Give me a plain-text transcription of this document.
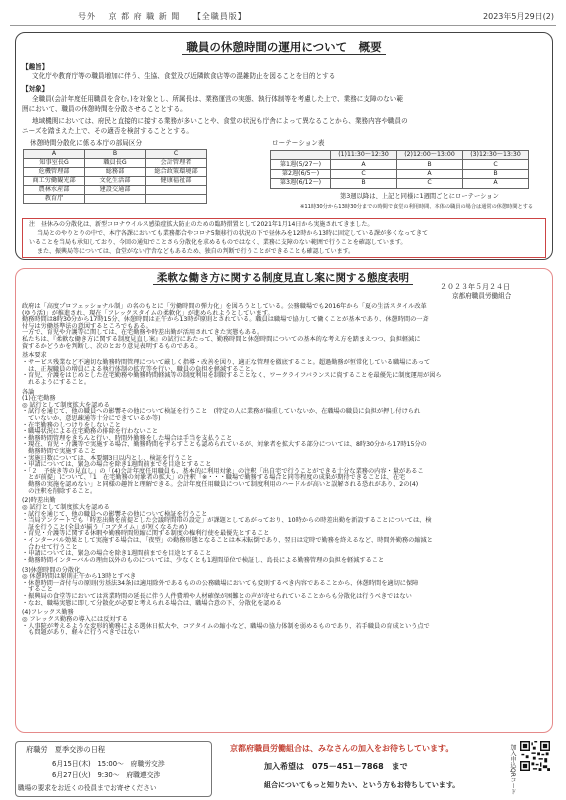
号外 京 都 府 職 新 聞 【全職員版】	2023年5月29日(2)
職員の休憩時間の運用について　概要
【趣旨】
文化庁や教育庁等の職員増加に伴う、生協、食堂及び近隣飲食店等の混雑防止を図ることを目的とする
【対象】
全職員(会計年度任用職員を含む。)を対象とし、所属長は、業務運営の実態、執行体制等を考慮した上で、業務に支障のない範
囲において、職員の休憩時間を分散させることとする。
地域機関においては、府民と直接的に接する業務が多いことや、食堂の状況も庁舎によって異なることから、業務内容や職員の
ニーズを踏まえた上で、その適否を検討することとする。
休憩時間分散化に係る本庁の部局区分
A	B	C
知事室長G	職員長G	会計管理者
危機管理部	総務部	総合政策環境部
商工労働観光部	文化生活部	健康福祉部
農林水産部	建設交通部	
教育庁		
ローテーション表
	(1)11:30～12:30	(2)12:00～13:00	(3)12:30～13:30
第1週(5/27～)	A	B	C
第2週(6/5～)	C	A	B
第3週(6/12～)	B	C	A
第3週以降は、上記と同様に1週間ごとにローテーション
※11時30分から13時30分までの時間で食堂の利用時間、本体の職員の場合は通常の休憩時間とする
注　昼休みの分散化は、新型コロナウイルス感染症拡大防止のための臨時措置として2021年1月14日から実施されてきました。
当局とのやりとりの中で、本庁各課においても業務都合やコロナ5類移行の状況の下で昼休みを12時から13時に固定している課が多くなってきて
いることを当局も承知しており、今回の通知でことさら分散化を求めるものではなく、業務に支障のない範囲で行うことを確認しています。
また、振興局等については、食堂がない庁舎などもあるため、独自の判断で行うことができることも確認しています。
柔軟な働き方に関する制度見直し案に関する態度表明
２０２３年５月２４日
京都府職員労働組合
政府は「高度プロフェッショナル制」の名のもとに「労働時間の弾力化」を図ろうとしている。公務職場でも2016年から「夏の生活スタイル改革
(ゆう活)」が推進され、現在「フレックスタイムの柔軟化」が進められようとしています。
勤務時間は8時30分から17時15分、休憩時間は正午から13時が原則とされている。職員は職場で協力して働くことが基本であり、休憩時間の一斉
付与は労働基準法の意図するところでもある。
一方で、育児や介護等に関しては、在宅勤務や時差出勤が活用されてきた実態もある。
私たちは、『柔軟な働き方に関する制度見直し案』の試行にあたって、勤務時間と休憩時間についての基本的な考え方を踏まえつつ、負担軽減に
資するかどうかを判断し、次のとおり意見表明するものである。
基本要求
・サービス残業など不適切な勤務時間管理について厳しく指導・改善を図り、適正な管理を徹底すること。超過勤務が恒常化している職場にあって
　は、正規職員の増員による執行体制の拡充等を行い、職員の負担を軽減すること。
・育児、介護をはじめとした在宅勤務や勤務時間軽減等の制度利用を制限することなく、ワークライフバランスに資することを最優先に制度運用が図ら
　れるようにすること。
各論
(1)在宅勤務
◎ 試行として制度拡大を認める
・試行を通じて、他の職員への影響その他について検証を行うこと　(特定の人に業務が偏重していないか、在職場の職員に負担が押し付けられ
　ていないか、意思疎通等十分にできているか等)
・在宅勤務のしつけりをしないこと
・職場状況による在宅勤務の排除を行わないこと
・勤務時間管理をきちんと行い、時間外勤務をした場合は手当を支払うこと
・現在、育児・介護等で実施する場合、勤務時間をずらすことも認められているが、対象者を拡大する部分については、8時30分から17時15分の
　勤務時間で実施すること
・実施日数については、本要綱3日以内とし、検証を行うこと
・申請については、緊急の場合を除き1週間前までを目途とすること
・「２　予続き等の見直し」の「(4)会計年度任用職員も、基本的に利用対象」の注釈「出自宅で行うことができる十分な業務の内容・量があるこ
　とが前提」について、「1　在宅勤務の対象者の拡大」の注釈「※・・・職場で勤務する場合と同等程度の成果が期待できることは、在宅
　勤務の実施を認めない」と同様の趣旨と理解できる。会計年度任用職員について制度利用のハードルが高いと誤解される恐れがあり、2の(4)
　の注釈を削除すること。
(2)時差出勤
◎ 試行として制度拡大を認める
・試行を通じて、他の職員への影響その他について検証を行うこと
・当局アンケートでも「時差出勤を前提とした会議時間帯の設定」が課題としてあがっており、10時からの時差出勤を新設することについては、検
　証を行うこと(全員が揃う「コアタイム」が短くなるため)
・育児・介護等に関する休暇や勤務時間短縮に関する制度の権利行使を最優先とすること
・インターバル効果として実施する場合は、「夜型」の勤務形態となることは本末転倒であり、翌日は定時で勤務を終えるなど、時間外勤務の縮減と
　合わせて行うこと
・申請については、緊急の場合を除き1週間前までを目途とすること
・勤務時間インターバルの理由以外のものについては、少なくとも1週間単位で検証し、島長による勤務管理の負担を軽減すること
(3)休憩時間の分散化
◎ 休憩時間は原則正午から13時とすべき
・休憩時間一斉付与の原則(労基法34条)は適用除外であるものの公務職場においても変則するべき内容であることから、休憩時間を適切に保障
　すること
・振興局の食堂等においては営業時間の延長に伴う人件費増や人材確保が困難との声が寄せられていることからも分散化は行うべきではない
・なお、職場実態に即して分散化が必要と考えられる場合は、職場合意の下、分散化を認める
(4)フレックス勤務
◎ フレックス勤務の導入には反対する
・人事院が考えるような変形的勤務による選休日拡大や、コアタイムの縮小など、職場の協力体制を弱めるものであり、若手職員の育成という点で
　も問題があり、軽々に行うべきではない
府職労　夏季交渉の日程
6月15日(木)　15:00～　府職労交渉
6月27日(火)　9:30～　府職連交渉
職場の要求をお近くの役員までお寄せください
京都府職員労働組合は、みなさんの加入をお待ちしています。
加入希望は　075－451－7868　まで
組合についてもっと知りたい、という方もお待ちしています。	加入申込QRコード
